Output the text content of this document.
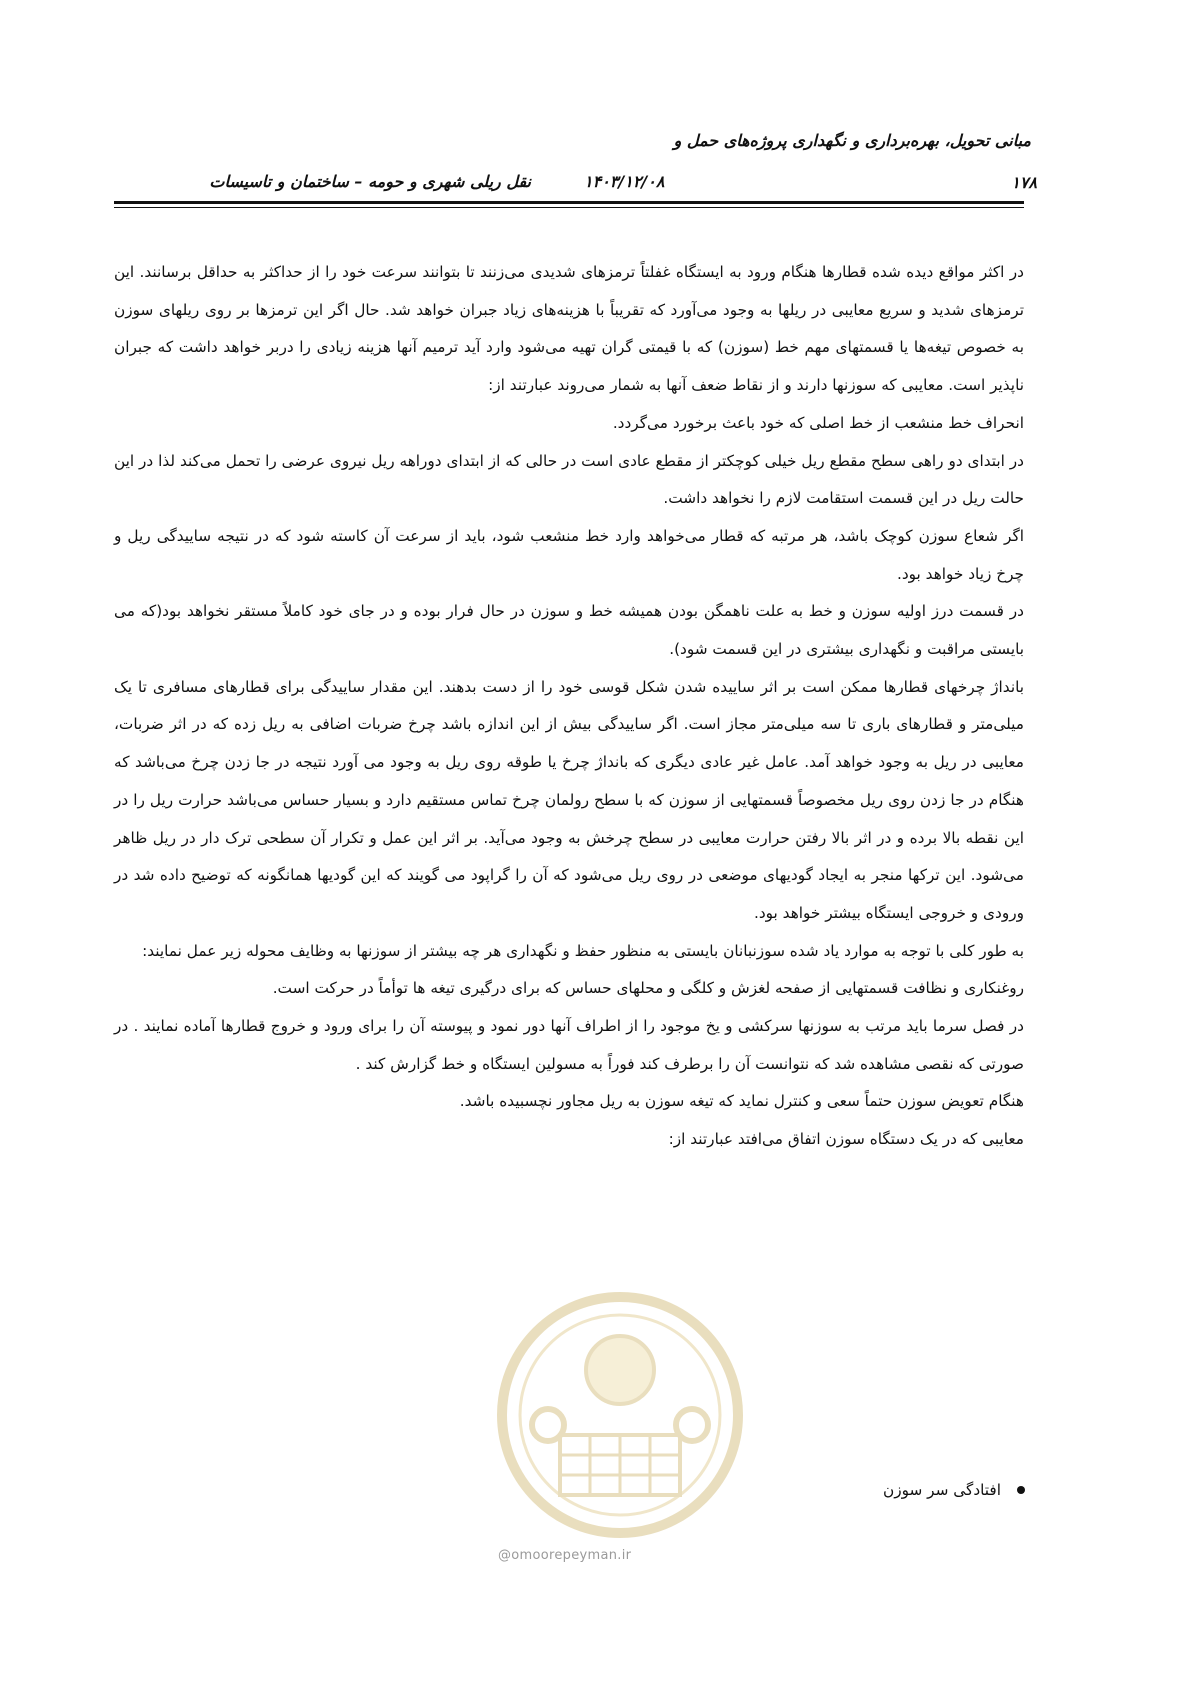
مبانی تحویل، بهره‌برداری و نگهداری پروژه‌های حمل و
نقل ریلی شهری و حومه – ساختمان و تاسیسات	۱۴۰۳/۱۲/۰۸	۱۷۸

در اکثر مواقع دیده شده قطارها هنگام ورود به ایستگاه غفلتاً ترمزهای شدیدی می‌زنند تا بتوانند سرعت خود را از حداکثر به حداقل برسانند. این ترمزهای شدید و سریع معایبی در ریلها به وجود می‌آورد که تقریباً با هزینه‌های زیاد جبران خواهد شد. حال اگر این ترمزها بر روی ریلهای سوزن به خصوص تیغه‌ها یا قسمتهای مهم خط (سوزن) که با قیمتی گران تهیه می‌شود وارد آید ترمیم آنها هزینه زیادی را دربر خواهد داشت که جبران ناپذیر است. معایبی که سوزنها دارند و از نقاط ضعف آنها به شمار می‌روند عبارتند از:

انحراف خط منشعب از خط اصلی که خود باعث برخورد می‌گردد.

در ابتدای دو راهی سطح مقطع ریل خیلی کوچکتر از مقطع عادی است در حالی که از ابتدای دوراهه ریل نیروی عرضی را تحمل می‌کند لذا در این حالت ریل در این قسمت استقامت لازم را نخواهد داشت.

اگر شعاع سوزن کوچک باشد، هر مرتبه که قطار می‌خواهد وارد خط منشعب شود، باید از سرعت آن کاسته شود که در نتیجه ساییدگی ریل و چرخ زیاد خواهد بود.

در قسمت درز اولیه سوزن و خط به علت ناهمگن بودن همیشه خط و سوزن در حال فرار بوده و در جای خود کاملاً مستقر نخواهد بود(که می بایستی مراقبت و نگهداری بیشتری در این قسمت شود).

بانداژ چرخهای قطارها ممکن است بر اثر ساییده شدن شکل قوسی خود را از دست بدهند. این مقدار ساییدگی برای قطارهای مسافری تا یک میلی‌متر و قطارهای باری تا سه میلی‌متر مجاز است. اگر ساییدگی بیش از این اندازه باشد چرخ ضربات اضافی به ریل زده که در اثر ضربات، معایبی در ریل به وجود خواهد آمد. عامل غیر عادی دیگری که بانداژ چرخ یا طوقه روی ریل به وجود می آورد نتیجه در جا زدن چرخ می‌باشد که هنگام در جا زدن روی ریل مخصوصاً قسمتهایی از سوزن که با سطح رولمان چرخ تماس مستقیم دارد و بسیار حساس می‌باشد حرارت ریل را در این نقطه بالا برده و در اثر بالا رفتن حرارت معایبی در سطح چرخش به وجود می‌آید. بر اثر این عمل و تکرار آن سطحی ترک دار در ریل ظاهر می‌شود. این ترکها منجر به ایجاد گودیهای موضعی در روی ریل می‌شود که آن را گراپود می گویند که این گودیها همانگونه که توضیح داده شد در ورودی و خروجی ایستگاه بیشتر خواهد بود.

به طور کلی با توجه به موارد یاد شده سوزنبانان بایستی به منظور حفظ و نگهداری هر چه بیشتر از سوزنها به وظایف محوله زیر عمل نمایند:

روغنکاری و نظافت قسمتهایی از صفحه لغزش و کلگی و محلهای حساس که برای درگیری تیغه ها توأماً در حرکت است.

در فصل سرما باید مرتب به سوزنها سرکشی و یخ موجود را از اطراف آنها دور نمود و پیوسته آن را برای ورود و خروج قطارها آماده نمایند . در صورتی که نقصی مشاهده شد که نتوانست آن را برطرف کند فوراً به مسولین ایستگاه و خط گزارش کند .

هنگام تعویض سوزن حتماً سعی و کنترل نماید که تیغه سوزن به ریل مجاور نچسبیده باشد.

معایبی که در یک دستگاه سوزن اتفاق می‌افتد عبارتند از:

افتادگی سر سوزن
@omoorepeyman.ir
